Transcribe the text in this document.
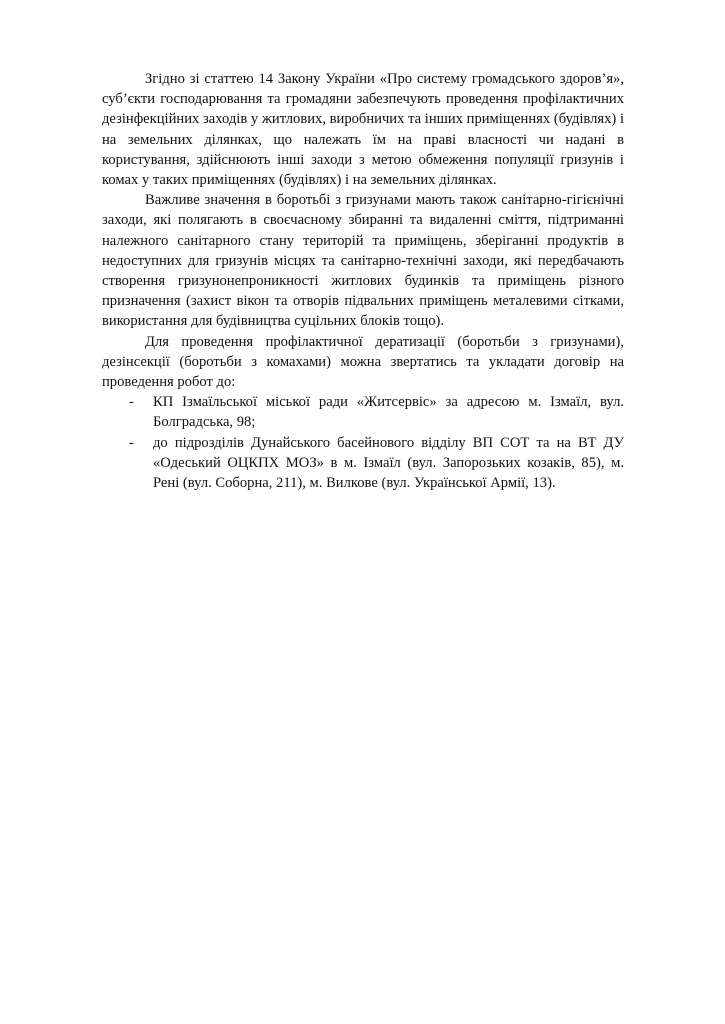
Згідно зі статтею 14 Закону України «Про систему громадського здоров’я», суб’єкти господарювання та громадяни забезпечують проведення профілактичних дезінфекційних заходів у житлових, виробничих та інших приміщеннях (будівлях) і на земельних ділянках, що належать їм на праві власності чи надані в користування, здійснюють інші заходи з метою обмеження популяції гризунів і комах у таких приміщеннях (будівлях) і на земельних ділянках.

Важливе значення в боротьбі з гризунами мають також санітарно-гігієнічні заходи, які полягають в своєчасному збиранні та видаленні сміття, підтриманні належного санітарного стану територій та приміщень, зберіганні продуктів в недоступних для гризунів місцях та санітарно-технічні заходи, які передбачають створення гризунонепроникності житлових будинків та приміщень різного призначення (захист вікон та отворів підвальних приміщень металевими сітками, використання для будівництва суцільних блоків тощо).

Для проведення профілактичної дератизації (боротьби з гризунами), дезінсекції (боротьби з комахами) можна звертатись та укладати договір на проведення робот до:

- КП Ізмаїльської міської ради «Житсервіс» за адресою м. Ізмаїл, вул. Болградська, 98;
- до підрозділів Дунайського басейнового відділу ВП СОТ та на ВТ ДУ «Одеський ОЦКПХ МОЗ» в м. Ізмаїл (вул. Запорозьких козаків, 85), м. Рені (вул. Соборна, 211), м. Вилкове (вул. Української Армії, 13).
